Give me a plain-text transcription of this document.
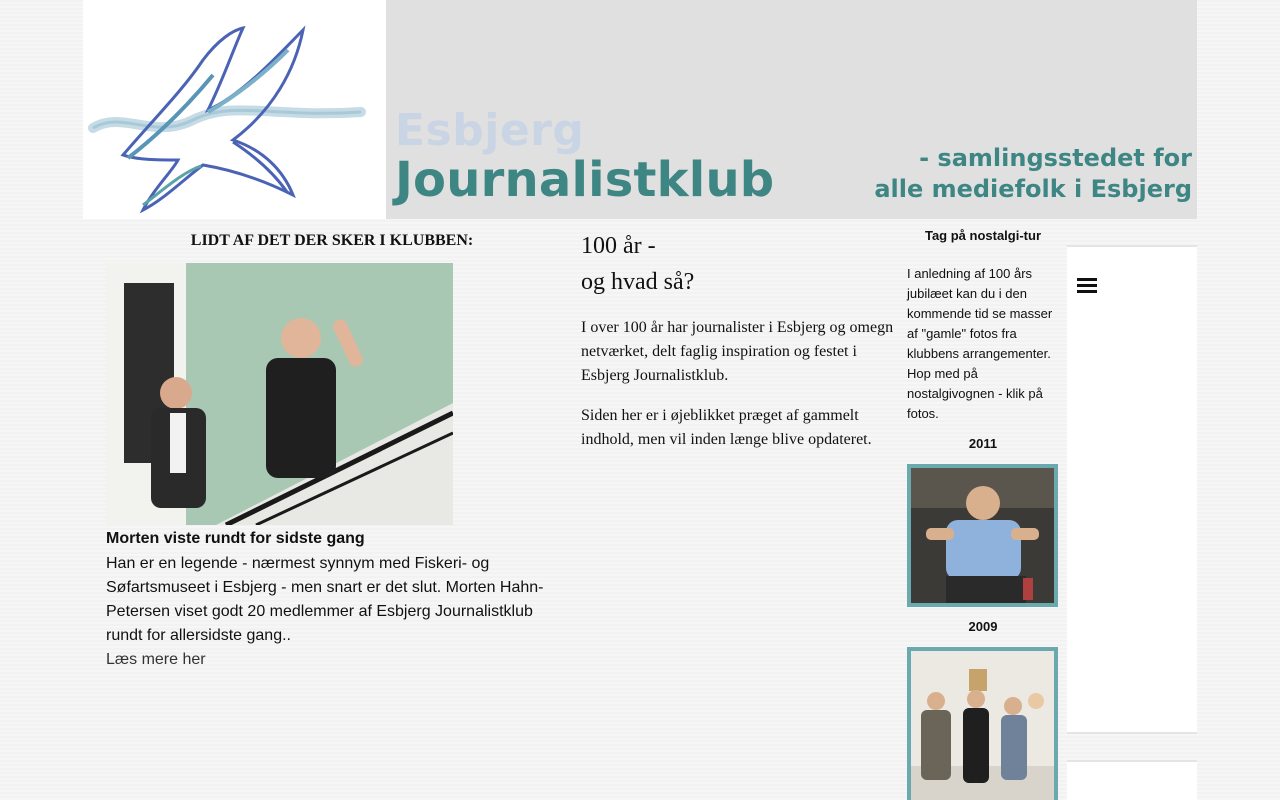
Esbjerg
Journalistklub	- samlingsstedet for
alle mediefolk i Esbjerg
LIDT AF DET DER SKER I KLUBBEN:
Morten viste rundt for sidste gang
Han er en legende - nærmest synnym med Fiskeri- og Søfartsmuseet i Esbjerg - men snart er det slut. Morten Hahn-Petersen viset godt 20 medlemmer af Esbjerg Journalistklub rundt for allersidste gang..
Læs mere her
100 år -
og hvad så?

I over 100 år har journalister i Esbjerg og omegn netværket, delt faglig inspiration og festet i Esbjerg Journalistklub.

Siden her er i øjeblikket præget af gammelt indhold, men vil inden længe blive opdateret.

Tag på nostalgi-tur
I anledning af 100 års jubilæet kan du i den kommende tid se masser af "gamle" fotos fra klubbens arrangementer. Hop med på nostalgivognen - klik på fotos.
2011
2009
